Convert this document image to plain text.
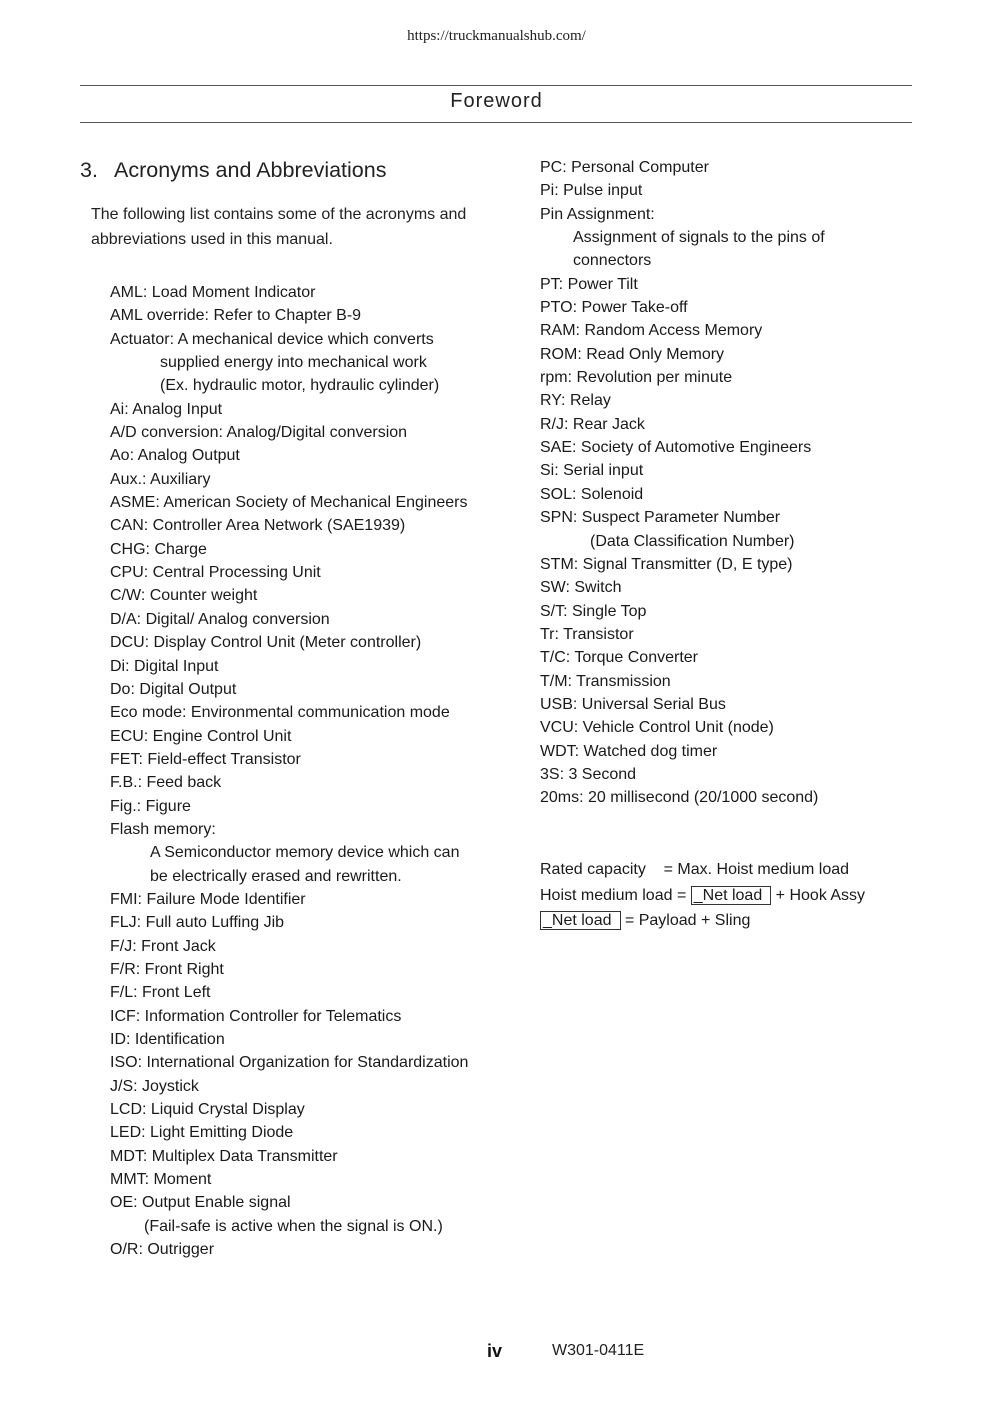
https://truckmanualshub.com/
Foreword
3. Acronyms and Abbreviations
The following list contains some of the acronyms and
abbreviations used in this manual.
AML: Load Moment Indicator
AML override: Refer to Chapter B-9
Actuator: A mechanical device which converts
supplied energy into mechanical work
(Ex. hydraulic motor, hydraulic cylinder)
Ai: Analog Input
A/D conversion: Analog/Digital conversion
Ao: Analog Output
Aux.: Auxiliary
ASME: American Society of Mechanical Engineers
CAN: Controller Area Network (SAE1939)
CHG: Charge
CPU: Central Processing Unit
C/W: Counter weight
D/A: Digital/ Analog conversion
DCU: Display Control Unit (Meter controller)
Di: Digital Input
Do: Digital Output
Eco mode: Environmental communication mode
ECU: Engine Control Unit
FET: Field-effect Transistor
F.B.: Feed back
Fig.: Figure
Flash memory:
A Semiconductor memory device which can
be electrically erased and rewritten.
FMI: Failure Mode Identifier
FLJ: Full auto Luffing Jib
F/J: Front Jack
F/R: Front Right
F/L: Front Left
ICF: Information Controller for Telematics
ID: Identification
ISO: International Organization for Standardization
J/S: Joystick
LCD: Liquid Crystal Display
LED: Light Emitting Diode
MDT: Multiplex Data Transmitter
MMT: Moment
OE: Output Enable signal
(Fail-safe is active when the signal is ON.)
O/R: Outrigger
PC: Personal Computer
Pi: Pulse input
Pin Assignment:
Assignment of signals to the pins of
connectors
PT: Power Tilt
PTO: Power Take-off
RAM: Random Access Memory
ROM: Read Only Memory
rpm: Revolution per minute
RY: Relay
R/J: Rear Jack
SAE: Society of Automotive Engineers
Si: Serial input
SOL: Solenoid
SPN: Suspect Parameter Number
(Data Classification Number)
STM: Signal Transmitter (D, E type)
SW: Switch
S/T: Single Top
Tr: Transistor
T/C: Torque Converter
T/M: Transmission
USB: Universal Serial Bus
VCU: Vehicle Control Unit (node)
WDT: Watched dog timer
3S: 3 Second
20ms: 20 millisecond (20/1000 second)
Rated capacity    = Max. Hoist medium load
Hoist medium load = _Net load + Hook Assy
_Net load = Payload + Sling
iv	W301-0411E
